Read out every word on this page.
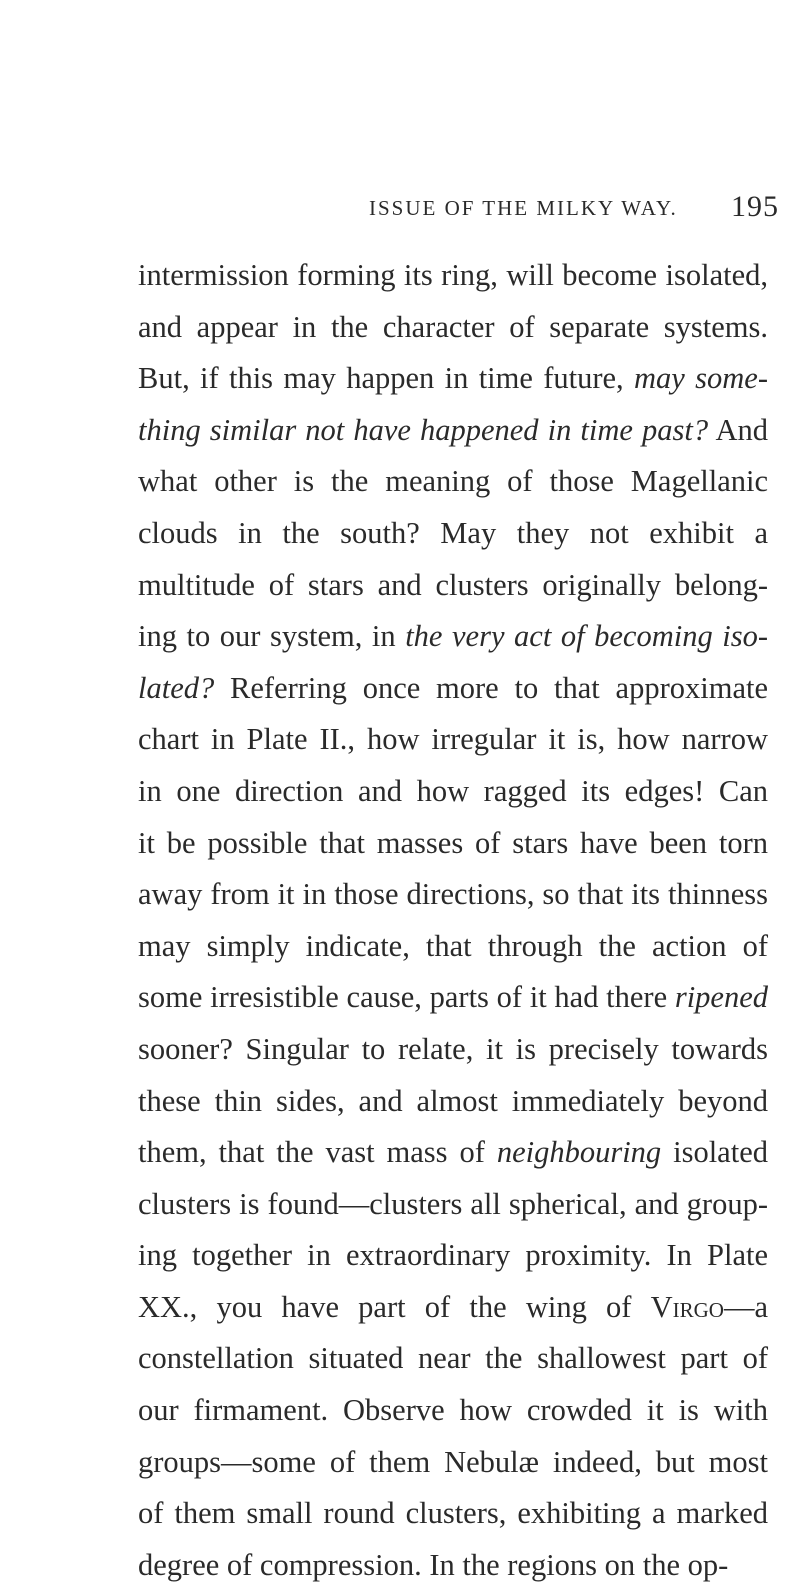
ISSUE OF THE MILKY WAY. 195
intermission forming its ring, will become isolated,
and appear in the character of separate systems.
But, if this may happen in time future, may some-
thing similar not have happened in time past? And
what other is the meaning of those Magellanic
clouds in the south? May they not exhibit a
multitude of stars and clusters originally belong-
ing to our system, in the very act of becoming iso-
lated? Referring once more to that approximate
chart in Plate II., how irregular it is, how narrow
in one direction and how ragged its edges! Can
it be possible that masses of stars have been torn
away from it in those directions, so that its thinness
may simply indicate, that through the action of
some irresistible cause, parts of it had there ripened
sooner? Singular to relate, it is precisely towards
these thin sides, and almost immediately beyond
them, that the vast mass of neighbouring isolated
clusters is found—clusters all spherical, and group-
ing together in extraordinary proximity. In Plate
XX., you have part of the wing of Virgo—a
constellation situated near the shallowest part of
our firmament. Observe how crowded it is with
groups—some of them Nebulæ indeed, but most
of them small round clusters, exhibiting a marked
degree of compression. In the regions on the op-
